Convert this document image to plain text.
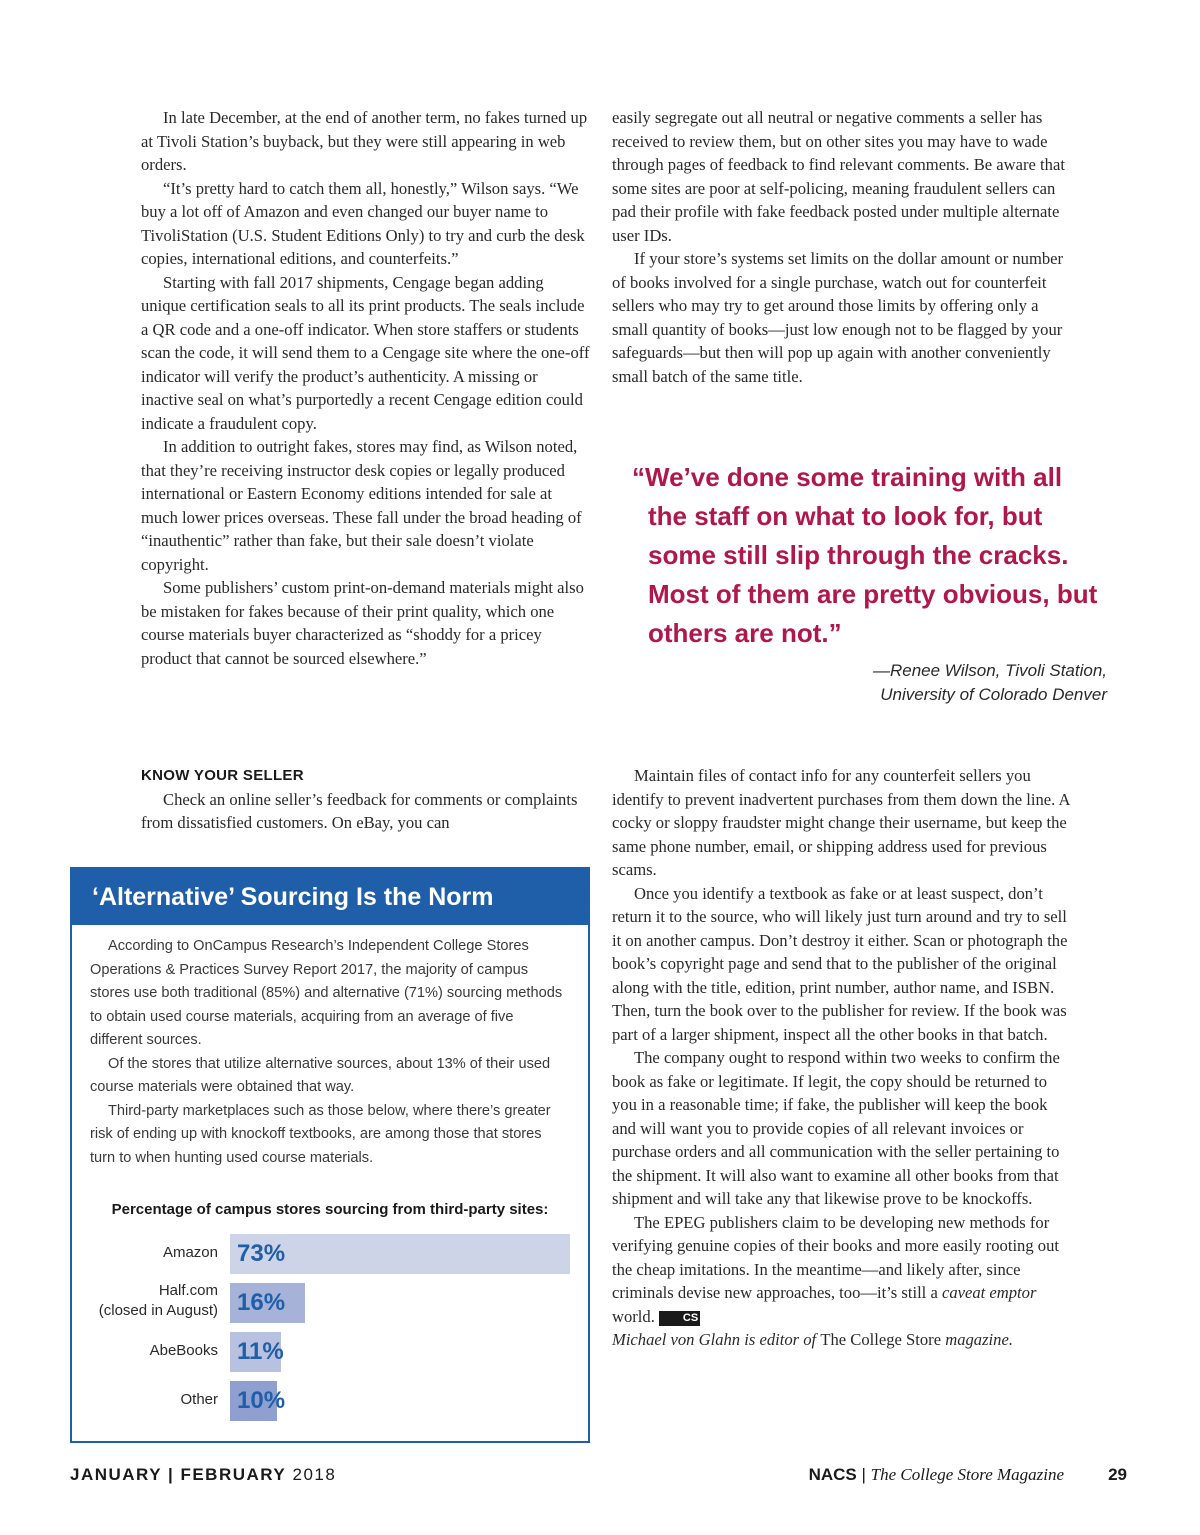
In late December, at the end of another term, no fakes turned up at Tivoli Station’s buyback, but they were still appearing in web orders.

“It’s pretty hard to catch them all, honestly,” Wilson says. “We buy a lot off of Amazon and even changed our buyer name to TivoliStation (U.S. Student Editions Only) to try and curb the desk copies, international editions, and counterfeits.”

Starting with fall 2017 shipments, Cengage began adding unique certification seals to all its print products. The seals include a QR code and a one-off indicator. When store staffers or students scan the code, it will send them to a Cengage site where the one-off indicator will verify the product’s authenticity. A missing or inactive seal on what’s purportedly a recent Cengage edition could indicate a fraudulent copy.

In addition to outright fakes, stores may find, as Wilson noted, that they’re receiving instructor desk copies or legally produced international or Eastern Economy editions intended for sale at much lower prices overseas. These fall under the broad heading of “inauthentic” rather than fake, but their sale doesn’t violate copyright.

Some publishers’ custom print-on-demand materials might also be mistaken for fakes because of their print quality, which one course materials buyer characterized as “shoddy for a pricey product that cannot be sourced elsewhere.”

easily segregate out all neutral or negative comments a seller has received to review them, but on other sites you may have to wade through pages of feedback to find relevant comments. Be aware that some sites are poor at self-policing, meaning fraudulent sellers can pad their profile with fake feedback posted under multiple alternate user IDs.

If your store’s systems set limits on the dollar amount or number of books involved for a single purchase, watch out for counterfeit sellers who may try to get around those limits by offering only a small quantity of books—just low enough not to be flagged by your safeguards—but then will pop up again with another conveniently small batch of the same title.

“We’ve done some training with all the staff on what to look for, but some still slip through the cracks. Most of them are pretty obvious, but others are not.”

—Renee Wilson, Tivoli Station,
University of Colorado Denver
KNOW YOUR SELLER

Check an online seller’s feedback for comments or complaints from dissatisfied customers. On eBay, you can

‘Alternative’ Sourcing Is the Norm

According to OnCampus Research’s Independent College Stores Operations & Practices Survey Report 2017, the majority of campus stores use both traditional (85%) and alternative (71%) sourcing methods to obtain used course materials, acquiring from an average of five different sources.

Of the stores that utilize alternative sources, about 13% of their used course materials were obtained that way.

Third-party marketplaces such as those below, where there’s greater risk of ending up with knockoff textbooks, are among those that stores turn to when hunting used course materials.

Percentage of campus stores sourcing from third-party sites:
Amazon 73%
Half.com
(closed in August) 16%
AbeBooks 11%
Other 10%

Maintain files of contact info for any counterfeit sellers you identify to prevent inadvertent purchases from them down the line. A cocky or sloppy fraudster might change their username, but keep the same phone number, email, or shipping address used for previous scams.

Once you identify a textbook as fake or at least suspect, don’t return it to the source, who will likely just turn around and try to sell it on another campus. Don’t destroy it either. Scan or photograph the book’s copyright page and send that to the publisher of the original along with the title, edition, print number, author name, and ISBN. Then, turn the book over to the publisher for review. If the book was part of a larger shipment, inspect all the other books in that batch.

The company ought to respond within two weeks to confirm the book as fake or legitimate. If legit, the copy should be returned to you in a reasonable time; if fake, the publisher will keep the book and will want you to provide copies of all relevant invoices or purchase orders and all communication with the seller pertaining to the shipment. It will also want to examine all other books from that shipment and will take any that likewise prove to be knockoffs.

The EPEG publishers claim to be developing new methods for verifying genuine copies of their books and more easily rooting out the cheap imitations. In the meantime—and likely after, since criminals devise new approaches, too—it’s still a caveat emptor world.	CS

Michael von Glahn is editor of The College Store magazine.

JANUARY | FEBRUARY 2018	NACS | The College Store Magazine	29
